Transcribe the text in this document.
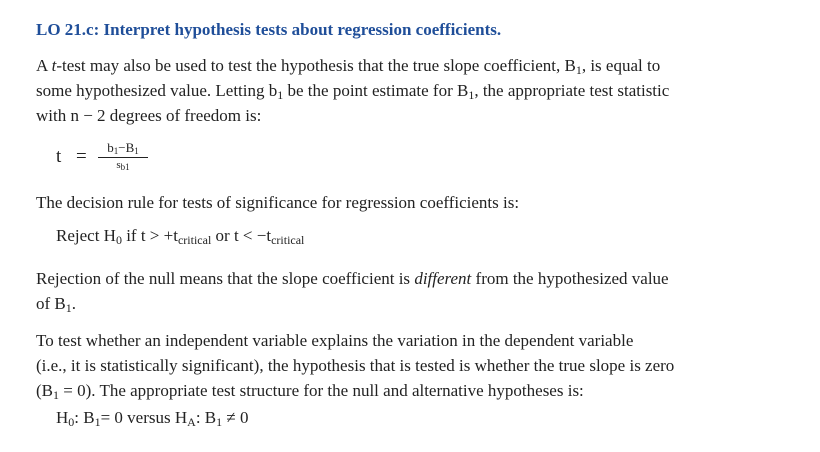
LO 21.c: Interpret hypothesis tests about regression coefficients.
A t-test may also be used to test the hypothesis that the true slope coefficient, $B_1$, is equal to
some hypothesized value. Letting $b_1$ be the point estimate for $B_1$, the appropriate test statistic
with n − 2 degrees of freedom is:
t =	$b_1-B_1$
$s_{b1}$
The decision rule for tests of significance for regression coefficients is:
Reject $H_0$ if $t > +t_{critical}$ or $t < -t_{critical}$
Rejection of the null means that the slope coefficient is different from the hypothesized value
of $B_1$.
To test whether an independent variable explains the variation in the dependent variable
(i.e., it is statistically significant), the hypothesis that is tested is whether the true slope is zero
$(B_1 = 0)$. The appropriate test structure for the null and alternative hypotheses is:
$H_0$: $B_1= 0$ versus $H_A$: $B_1 \ne 0$
